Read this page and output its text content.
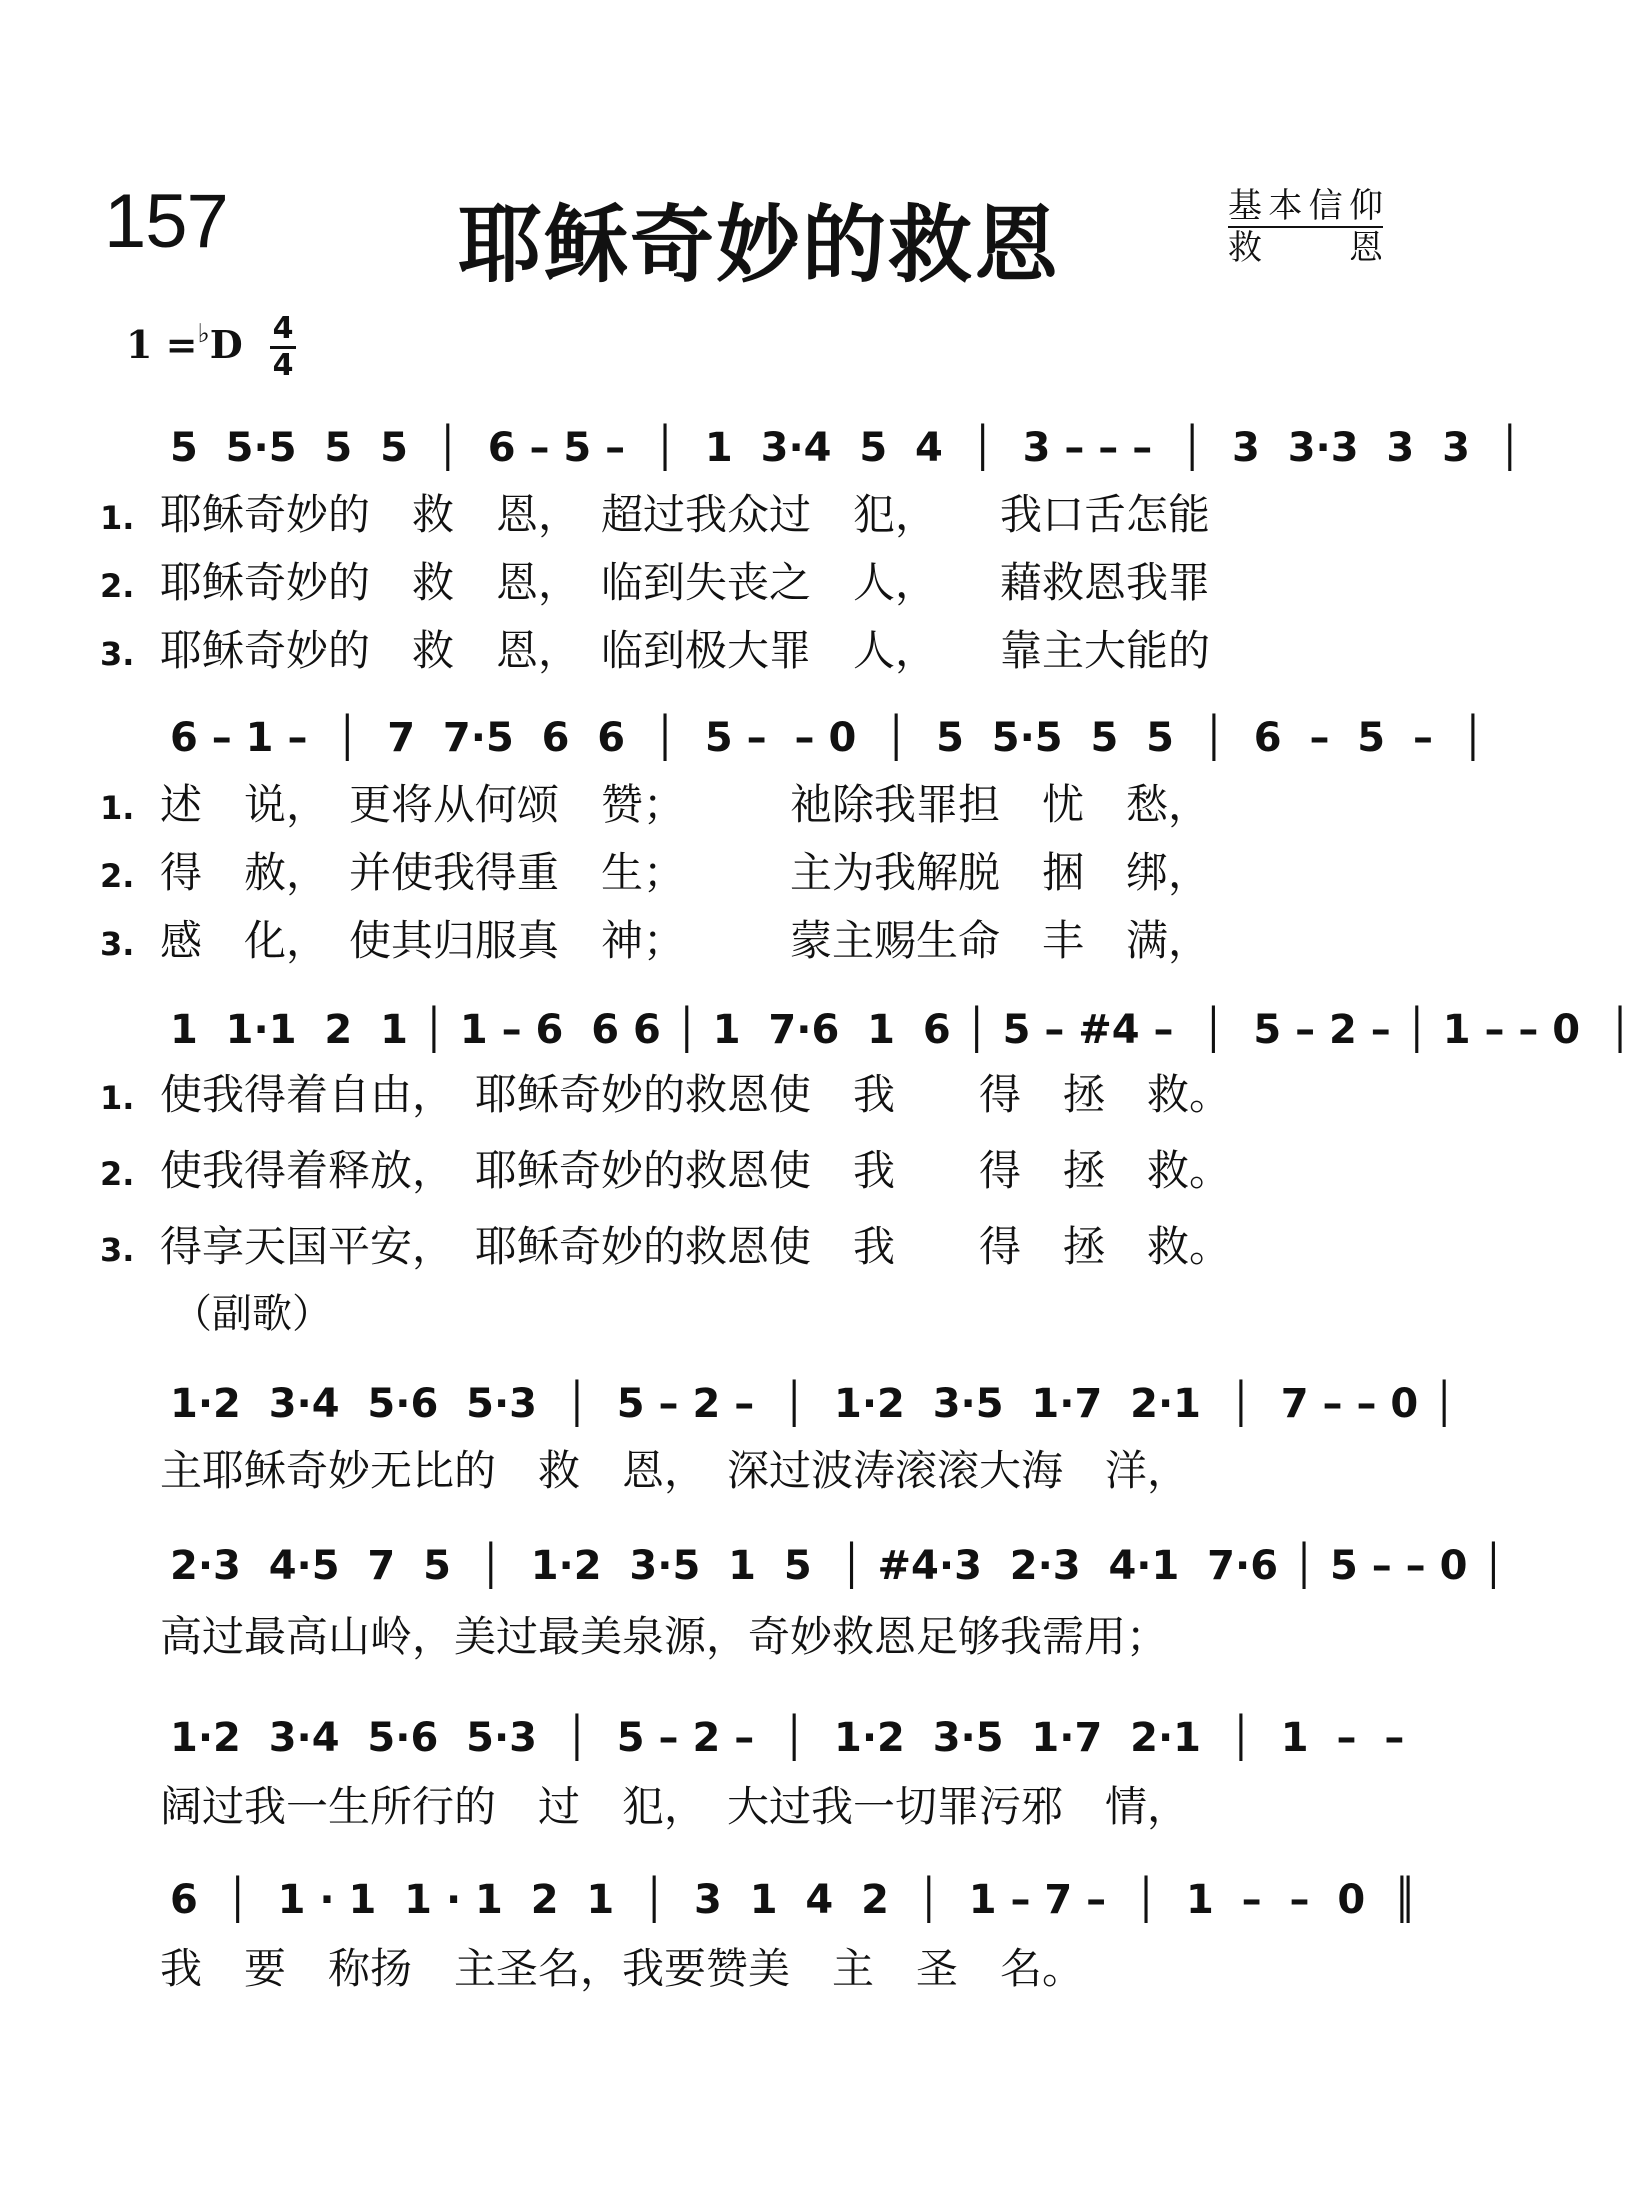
157	耶稣奇妙的救恩	基本信仰
救　恩
1 =♭D 4
4
5  5·5  5  5  │  6 – 5 –  │  1  3·4  5  4  │  3 – – –  │  3  3·3  3  3  │
1. 耶稣奇妙的　救　恩，　超过我众过　犯，　　我口舌怎能
2. 耶稣奇妙的　救　恩，　临到失丧之　人，　　藉救恩我罪
3. 耶稣奇妙的　救　恩，　临到极大罪　人，　　靠主大能的
6 – 1 –  │  7  7·5  6  6  │  5 –  – 0  │  5  5·5  5  5  │  6  –  5  –  │
1. 述　说，　更将从何颂　赞；　　　祂除我罪担　忧　愁，
2. 得　赦，　并使我得重　生；　　　主为我解脱　捆　绑，
3. 感　化，　使其归服真　神；　　　蒙主赐生命　丰　满，
1  1·1  2  1 │ 1 – 6  6 6 │ 1  7·6  1  6 │ 5 – #4 –  │  5 – 2 – │ 1 – – 0  │
1. 使我得着自由，　耶稣奇妙的救恩使　我　　得　拯　救。
2. 使我得着释放，　耶稣奇妙的救恩使　我　　得　拯　救。
3. 得享天国平安，　耶稣奇妙的救恩使　我　　得　拯　救。
（副歌）
1·2  3·4  5·6  5·3  │  5 – 2 –  │  1·2  3·5  1·7  2·1  │  7 – – 0 │
主耶稣奇妙无比的　救　恩，　深过波涛滚滚大海　洋，
2·3  4·5  7  5  │  1·2  3·5  1  5  │ #4·3  2·3  4·1  7·6 │ 5 – – 0 │
高过最高山岭，美过最美泉源，奇妙救恩足够我需用；
1·2  3·4  5·6  5·3  │  5 – 2 –  │  1·2  3·5  1·7  2·1  │  1  –  –
阔过我一生所行的　过　犯，　大过我一切罪污邪　情，
6  │  1 · 1  1 · 1  2  1  │  3  1  4  2  │  1 – 7 –  │  1  –  –  0  ║
我　要　称扬　主圣名，我要赞美　主　圣　名。
